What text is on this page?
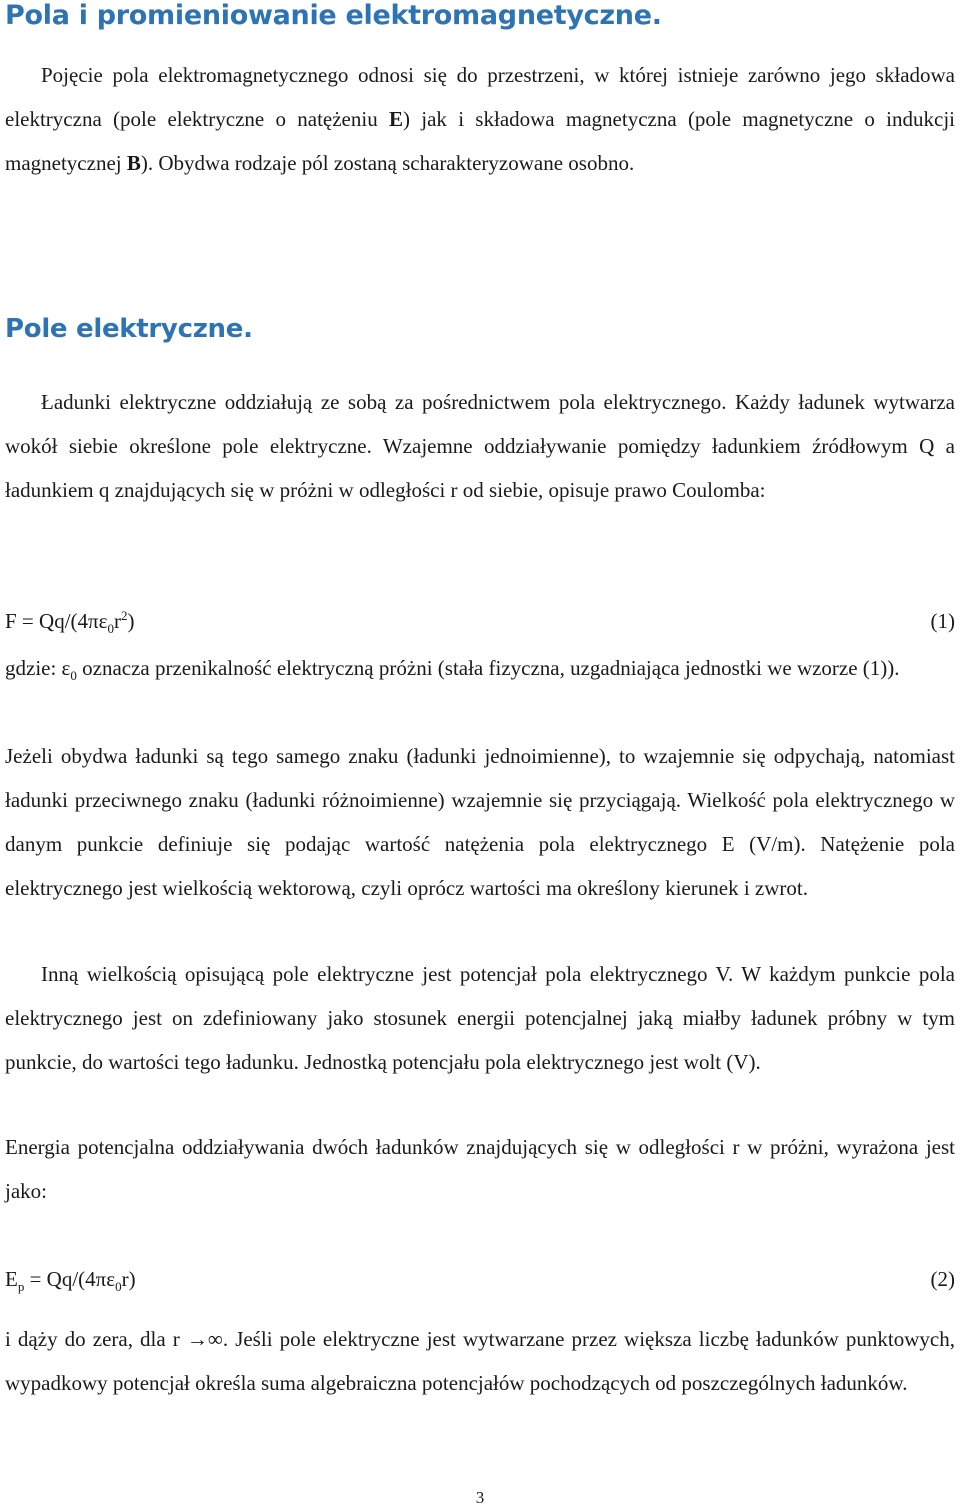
Pola i promieniowanie elektromagnetyczne.

Pojęcie pola elektromagnetycznego odnosi się do przestrzeni, w której istnieje zarówno jego składowa elektryczna (pole elektryczne o natężeniu E) jak i składowa magnetyczna (pole magnetyczne o indukcji magnetycznej B). Obydwa rodzaje pól zostaną scharakteryzowane osobno.

Pole elektryczne.

Ładunki elektryczne oddziałują ze sobą za pośrednictwem pola elektrycznego. Każdy ładunek wytwarza wokół siebie określone pole elektryczne. Wzajemne oddziaływanie pomiędzy ładunkiem źródłowym Q a ładunkiem q znajdujących się w próżni w odległości r od siebie, opisuje prawo Coulomba:

$F = Qq/(4\pi\varepsilon_0r^2)$	(1)

gdzie: $\varepsilon_0$ oznacza przenikalność elektryczną próżni (stała fizyczna, uzgadniająca jednostki we wzorze (1)).

Jeżeli obydwa ładunki są tego samego znaku (ładunki jednoimienne), to wzajemnie się odpychają, natomiast ładunki przeciwnego znaku (ładunki różnoimienne) wzajemnie się przyciągają. Wielkość pola elektrycznego w danym punkcie definiuje się podając wartość natężenia pola elektrycznego E (V/m). Natężenie pola elektrycznego jest wielkością wektorową, czyli oprócz wartości ma określony kierunek i zwrot.

Inną wielkością opisującą pole elektryczne jest potencjał pola elektrycznego V. W każdym punkcie pola elektrycznego jest on zdefiniowany jako stosunek energii potencjalnej jaką miałby ładunek próbny w tym punkcie, do wartości tego ładunku. Jednostką potencjału pola elektrycznego jest wolt (V).

Energia potencjalna oddziaływania dwóch ładunków znajdujących się w odległości r w próżni, wyrażona jest jako:

$E_p = Qq/(4\pi\varepsilon_0r)$	(2)

i dąży do zera, dla r →∞. Jeśli pole elektryczne jest wytwarzane przez większa liczbę ładunków punktowych, wypadkowy potencjał określa suma algebraiczna potencjałów pochodzących od poszczególnych ładunków.

3
